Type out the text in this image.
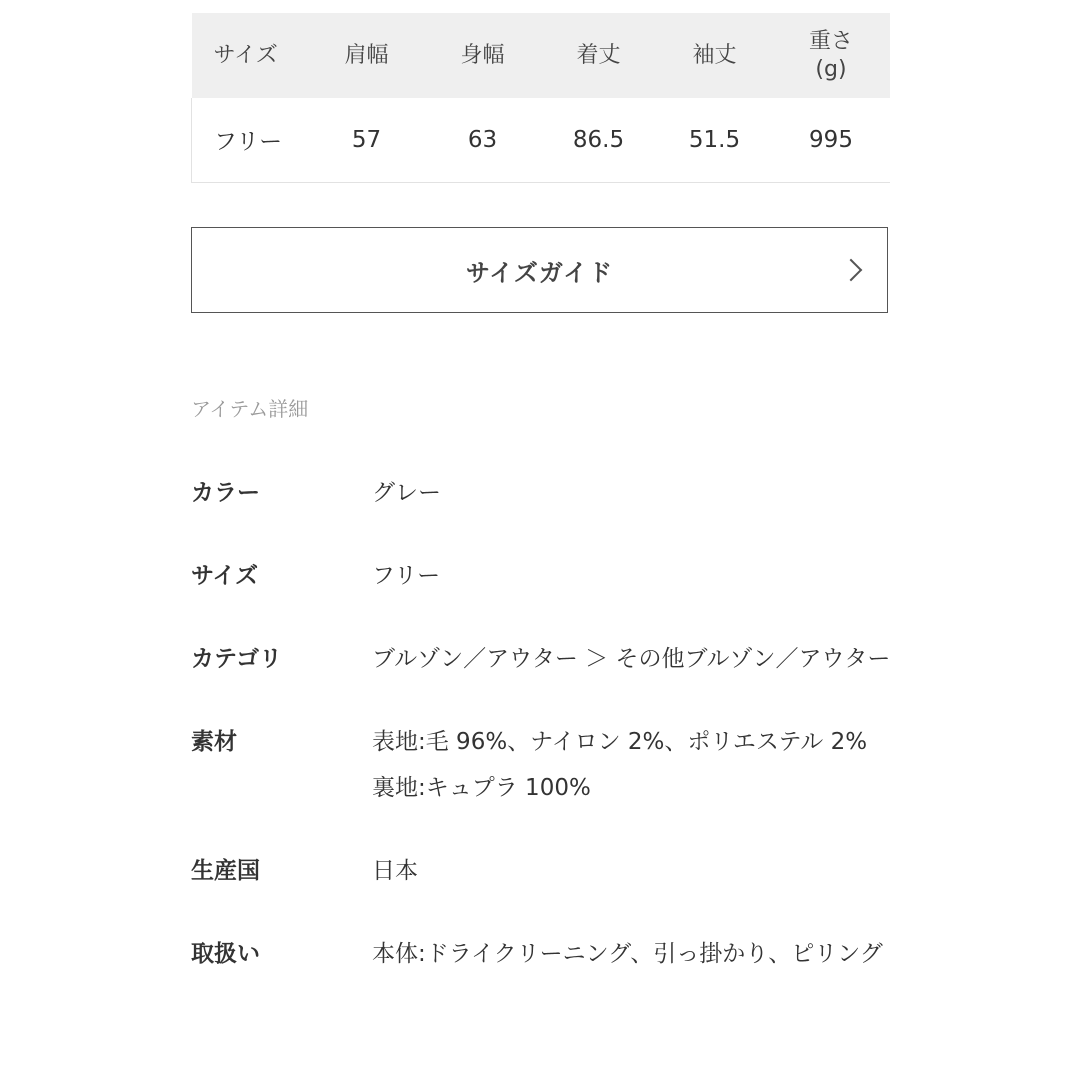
サイズ	肩幅	身幅	着丈	袖丈	重さ
(g)

フリー	57	63	86.5	51.5	995
サイズガイド
アイテム詳細
カラー	グレー
サイズ	フリー
カテゴリ	ブルゾン／アウター ＞ その他ブルゾン／アウター
素材	表地:毛 96%、ナイロン 2%、ポリエステル 2% 裏地:キュプラ 100%
生産国	日本
取扱い	本体:ドライクリーニング、引っ掛かり、ピリング
